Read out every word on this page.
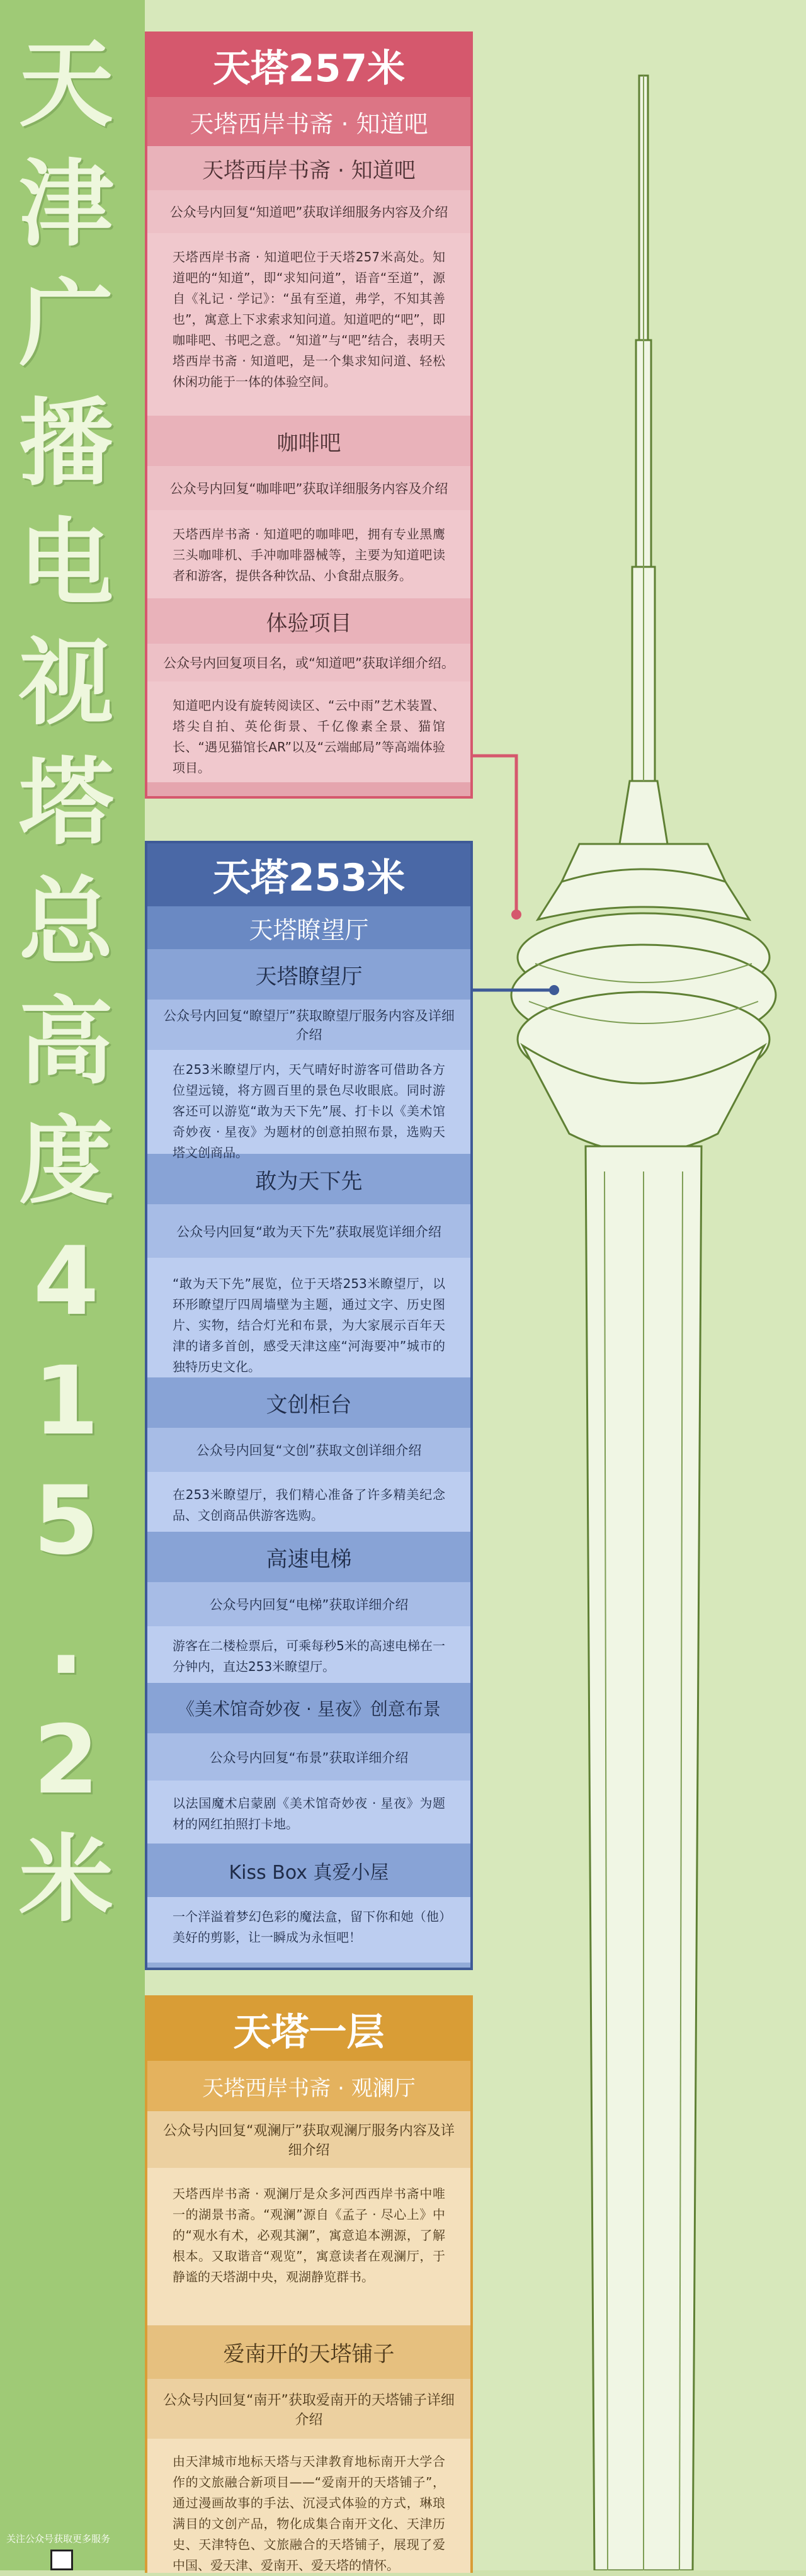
天
津
广
播
电
视
塔
总
高
度
4
1
5
.
2
米
天塔257米
天塔西岸书斋 · 知道吧
天塔西岸书斋 · 知道吧
公众号内回复“知道吧”获取详细服务内容及介绍
天塔西岸书斋 · 知道吧位于天塔257米高处。知道吧的“知道”，即“求知问道”，语音“至道”，源自《礼记 · 学记》：“虽有至道，弗学，不知其善也”，寓意上下求索求知问道。知道吧的“吧”，即咖啡吧、书吧之意。“知道”与“吧”结合，表明天塔西岸书斋 · 知道吧，是一个集求知问道、轻松休闲功能于一体的体验空间。
咖啡吧
公众号内回复“咖啡吧”获取详细服务内容及介绍
天塔西岸书斋 · 知道吧的咖啡吧，拥有专业黑鹰三头咖啡机、手冲咖啡器械等，主要为知道吧读者和游客，提供各种饮品、小食甜点服务。
体验项目
公众号内回复项目名，或“知道吧”获取详细介绍。
知道吧内设有旋转阅读区、“云中雨”艺术装置、塔尖自拍、英伦街景、千亿像素全景、猫馆长、“遇见猫馆长AR”以及“云端邮局”等高端体验项目。
天塔253米
天塔瞭望厅
天塔瞭望厅
公众号内回复“瞭望厅”获取瞭望厅服务内容及详细介绍
在253米瞭望厅内，天气晴好时游客可借助各方位望远镜，将方圆百里的景色尽收眼底。同时游客还可以游览“敢为天下先”展、打卡以《美术馆奇妙夜 · 星夜》为题材的创意拍照布景，选购天塔文创商品。
敢为天下先
公众号内回复“敢为天下先”获取展览详细介绍
“敢为天下先”展览，位于天塔253米瞭望厅，以环形瞭望厅四周墙壁为主题，通过文字、历史图片、实物，结合灯光和布景，为大家展示百年天津的诸多首创，感受天津这座“河海要冲”城市的独特历史文化。
文创柜台
公众号内回复“文创”获取文创详细介绍
在253米瞭望厅，我们精心准备了许多精美纪念品、文创商品供游客选购。
高速电梯
公众号内回复“电梯”获取详细介绍
游客在二楼检票后，可乘每秒5米的高速电梯在一分钟内，直达253米瞭望厅。
《美术馆奇妙夜 · 星夜》创意布景
公众号内回复“布景”获取详细介绍
以法国魔术启蒙剧《美术馆奇妙夜 · 星夜》为题材的网红拍照打卡地。
Kiss Box 真爱小屋
一个洋溢着梦幻色彩的魔法盒，留下你和她（他）美好的剪影，让一瞬成为永恒吧！
天塔一层
天塔西岸书斋 · 观澜厅
公众号内回复“观澜厅”获取观澜厅服务内容及详细介绍
天塔西岸书斋 · 观澜厅是众多河西西岸书斋中唯一的湖景书斋。“观澜”源自《孟子 · 尽心上》中的“观水有术，必观其澜”，寓意追本溯源，了解根本。又取谐音“观览”，寓意读者在观澜厅，于静谧的天塔湖中央，观湖静览群书。
爱南开的天塔铺子
公众号内回复“南开”获取爱南开的天塔铺子详细介绍
由天津城市地标天塔与天津教育地标南开大学合作的文旅融合新项目——“爱南开的天塔铺子”，通过漫画故事的手法、沉浸式体验的方式，琳琅满目的文创产品，物化成集合南开文化、天津历史、天津特色、文旅融合的天塔铺子，展现了爱中国、爱天津、爱南开、爱天塔的情怀。
关注公众号获取更多服务
